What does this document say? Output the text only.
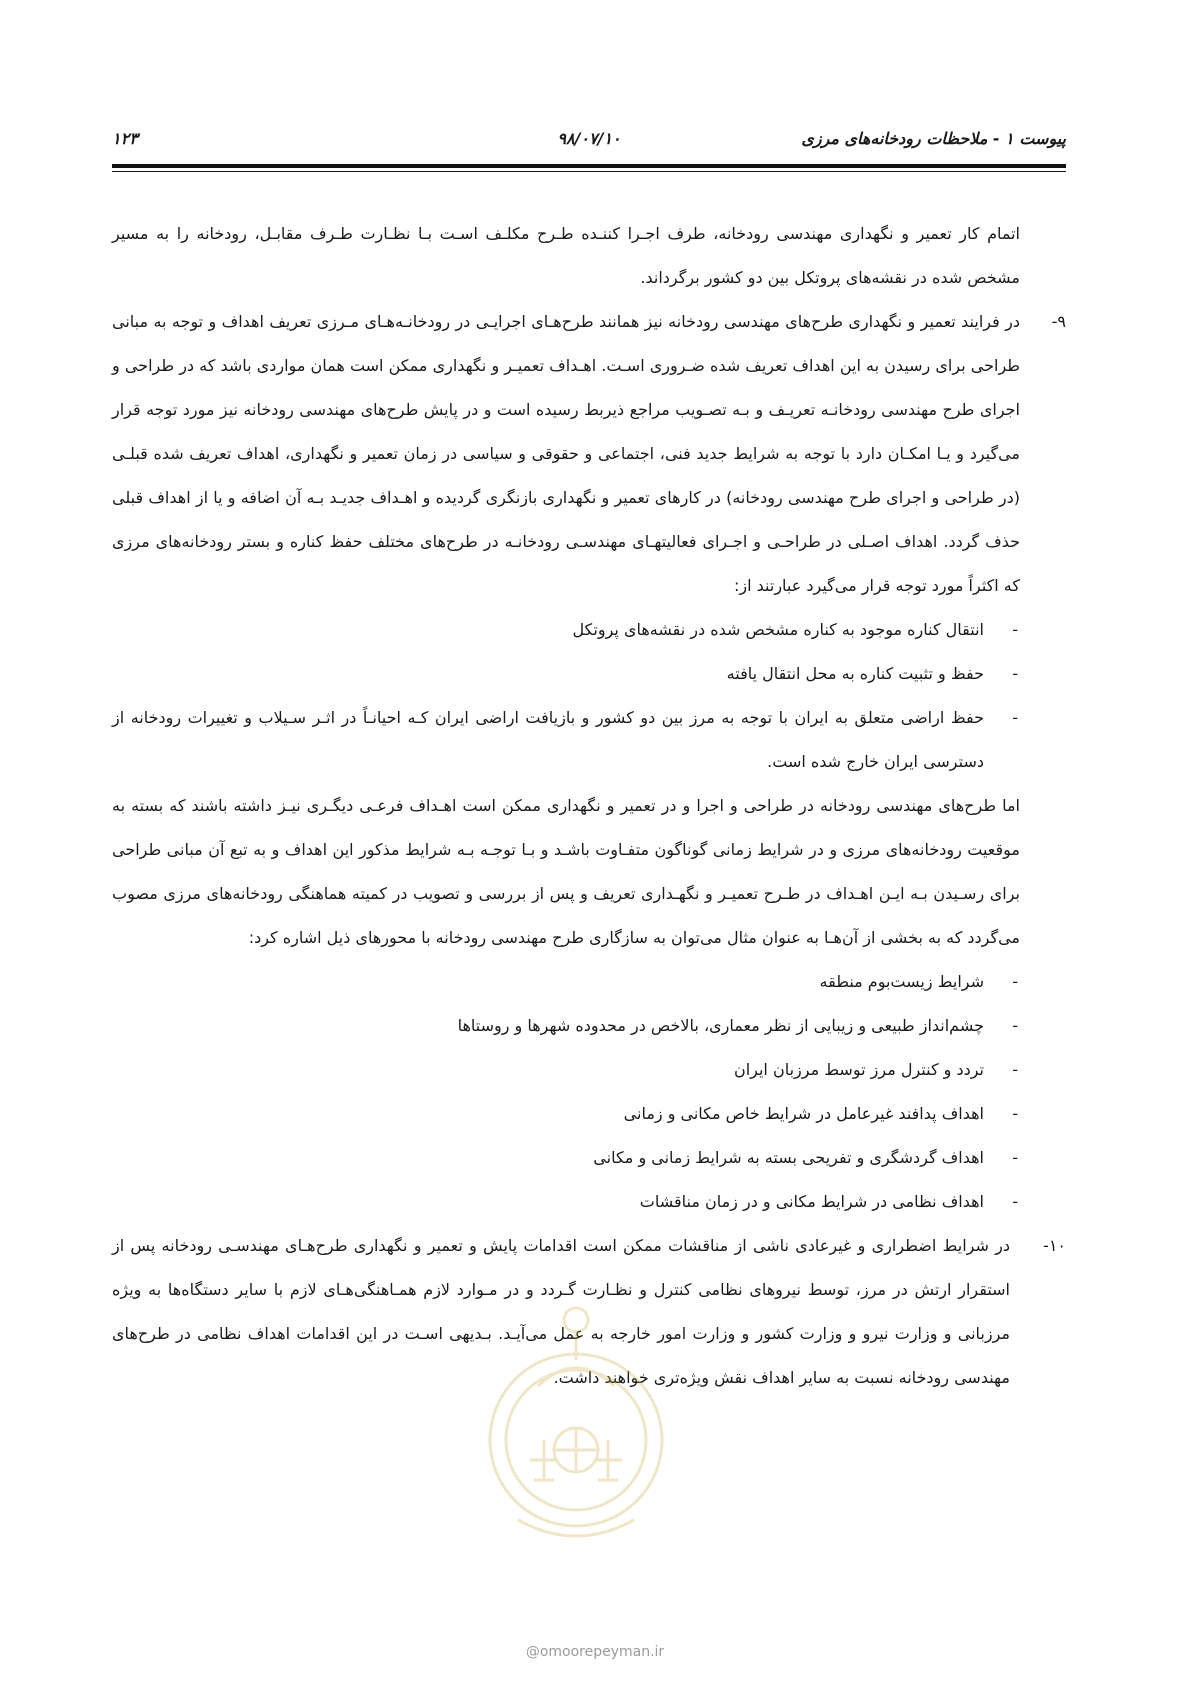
پیوست ۱ - ملاحظات رودخانه‌های مرزی
۹۸/۰۷/۱۰
۱۲۳

اتمام کار تعمیر و نگهداری مهندسی رودخانه، طرف اجـرا کننـده طـرح مکلـف اسـت بـا نظـارت طـرف مقابـل، رودخانه را به مسیر مشخص شده در نقشه‌های پروتکل بین دو کشور برگرداند.

۹-

در فرایند تعمیر و نگهداری طرح‌های مهندسی رودخانه نیز همانند طرح‌هـای اجرایـی در رودخانـه‌هـای مـرزی تعریف اهداف و توجه به مبانی طراحی برای رسیدن به این اهداف تعریف شده ضـروری اسـت. اهـداف تعمیـر و نگهداری ممکن است همان مواردی باشد که در طراحی و اجرای طرح مهندسی رودخانـه تعریـف و بـه تصـویب مراجع ذیربط رسیده است و در پایش طرح‌های مهندسی رودخانه نیز مورد توجه قرار می‌گیرد و یـا امکـان دارد با توجه به شرایط جدید فنی، اجتماعی و حقوقی و سیاسی در زمان تعمیر و نگهداری، اهداف تعریف شده قبلـی (در طراحی و اجرای طرح مهندسی رودخانه) در کارهای تعمیر و نگهداری بازنگری گردیده و اهـداف جدیـد بـه آن اضافه و یا از اهداف قبلی حذف گردد. اهداف اصـلی در طراحـی و اجـرای فعالیتهـای مهندسـی رودخانـه در طرح‌های مختلف حفظ کناره و بستر رودخانه‌های مرزی که اکثراً مورد توجه قرار می‌گیرد عبارتند از:

-
انتقال کناره موجود به کناره مشخص شده در نقشه‌های پروتکل
-
حفظ و تثبیت کناره به محل انتقال یافته
-
حفظ اراضی متعلق به ایران با توجه به مرز بین دو کشور و بازیافت اراضی ایران کـه احیانـاً در اثـر سـیلاب و تغییرات رودخانه از دسترسی ایران خارج شده است.

اما طرح‌های مهندسی رودخانه در طراحی و اجرا و در تعمیر و نگهداری ممکن است اهـداف فرعـی دیگـری نیـز داشته باشند که بسته به موقعیت رودخانه‌های مرزی و در شرایط زمانی گوناگون متفـاوت باشـد و بـا توجـه بـه شرایط مذکور این اهداف و به تبع آن مبانی طراحی برای رسـیدن بـه ایـن اهـداف در طـرح تعمیـر و نگهـداری تعریف و پس از بررسی و تصویب در کمیته هماهنگی رودخانه‌های مرزی مصوب می‌گردد که به بخشی از آن‌هـا به عنوان مثال می‌توان به سازگاری طرح مهندسی رودخانه با محورهای ذیل اشاره کرد:

-
شرایط زیست‌بوم منطقه
-
چشم‌انداز طبیعی و زیبایی از نظر معماری، بالاخص در محدوده شهرها و روستاها
-
تردد و کنترل مرز توسط مرزبان ایران
-
اهداف پدافند غیرعامل در شرایط خاص مکانی و زمانی
-
اهداف گردشگری و تفریحی بسته به شرایط زمانی و مکانی
-
اهداف نظامی در شرایط مکانی و در زمان مناقشات
۱۰-

در شرایط اضطراری و غیرعادی ناشی از مناقشات ممکن است اقدامات پایش و تعمیر و نگهداری طرح‌هـای مهندسـی رودخانه پس از استقرار ارتش در مرز، توسط نیروهای نظامی کنترل و نظـارت گـردد و در مـوارد لازم همـاهنگی‌هـای لازم با سایر دستگاه‌ها به ویژه مرزبانی و وزارت نیرو و وزارت کشور و وزارت امور خارجه به عمل می‌آیـد. بـدیهی اسـت در این اقدامات اهداف نظامی در طرح‌های مهندسی رودخانه نسبت به سایر اهداف نقش ویژه‌تری خواهند داشت.

@omoorepeyman.ir
